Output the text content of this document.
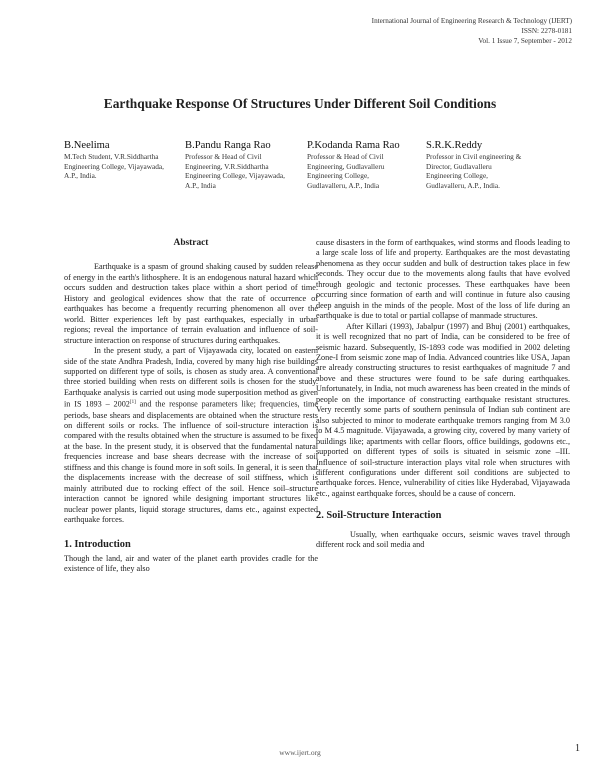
International Journal of Engineering Research & Technology (IJERT)
ISSN: 2278-0181
Vol. 1 Issue 7, September - 2012
Earthquake Response Of Structures Under Different Soil Conditions
B.Neelima
M.Tech Student, V.R.Siddhartha
Engineering College, Vijayawada,
A.P., India.
B.Pandu Ranga Rao
Professor & Head of Civil
Engineering, V.R.Siddhartha
Engineering College, Vijayawada,
A.P., India
P.Kodanda Rama Rao
Professor & Head of Civil
Engineering, Gudlavalleru
Engineering College,
Gudlavalleru, A.P., India
S.R.K.Reddy
Professor in Civil engineering &
Director, Gudlavalleru
Engineering College,
Gudlavalleru, A.P., India.
Abstract

Earthquake is a spasm of ground shaking caused by sudden release of energy in the earth's lithosphere. It is an endogenous natural hazard which occurs sudden and destruction takes place within a short period of time. History and geological evidences show that the rate of occurrence of earthquakes has become a frequently recurring phenomenon all over the world. Bitter experiences left by past earthquakes, especially in urban regions; reveal the importance of terrain evaluation and influence of soil-structure interaction on response of structures during earthquakes.

In the present study, a part of Vijayawada city, located on eastern side of the state Andhra Pradesh, India, covered by many high rise buildings supported on different type of soils, is chosen as study area. A conventional three storied building when rests on different soils is chosen for the study. Earthquake analysis is carried out using mode superposition method as given in IS 1893 – 2002[1] and the response parameters like; frequencies, time periods, base shears and displacements are obtained when the structure rests on different soils or rocks. The influence of soil-structure interaction is compared with the results obtained when the structure is assumed to be fixed at the base. In the present study, it is observed that the fundamental natural frequencies increase and base shears decrease with the increase of soil stiffness and this change is found more in soft soils. In general, it is seen that the displacements increase with the decrease of soil stiffness, which is mainly attributed due to rocking effect of the soil. Hence soil–structure interaction cannot be ignored while designing important structures like nuclear power plants, liquid storage structures, dams etc., against expected earthquake forces.

1. Introduction

Though the land, air and water of the planet earth provides cradle for the existence of life, they also

cause disasters in the form of earthquakes, wind storms and floods leading to a large scale loss of life and property. Earthquakes are the most devastating phenomena as they occur sudden and bulk of destruction takes place in few seconds. They occur due to the movements along faults that have evolved through geologic and tectonic processes. These earthquakes have been occurring since formation of earth and will continue in future also causing deep anguish in the minds of the people. Most of the loss of life during an earthquake is due to total or partial collapse of manmade structures.

After Killari (1993), Jabalpur (1997) and Bhuj (2001) earthquakes, it is well recognized that no part of India, can be considered to be free of seismic hazard. Subsequently, IS-1893 code was modified in 2002 deleting Zone-I from seismic zone map of India. Advanced countries like USA, Japan are already constructing structures to resist earthquakes of magnitude 7 and above and these structures were found to be safe during earthquakes. Unfortunately, in India, not much awareness has been created in the minds of people on the importance of constructing earthquake resistant structures. Very recently some parts of southern peninsula of Indian sub continent are also subjected to minor to moderate earthquake tremors ranging from M 3.0 to M 4.5 magnitude. Vijayawada, a growing city, covered by many variety of buildings like; apartments with cellar floors, office buildings, godowns etc., supported on different types of soils is situated in seismic zone –III. Influence of soil-structure interaction plays vital role when structures with different configurations under different soil conditions are subjected to earthquake forces. Hence, vulnerability of cities like Hyderabad, Vijayawada etc., against earthquake forces, should be a cause of concern.

2. Soil-Structure Interaction

Usually, when earthquake occurs, seismic waves travel through different rock and soil media and

www.ijert.org	1
